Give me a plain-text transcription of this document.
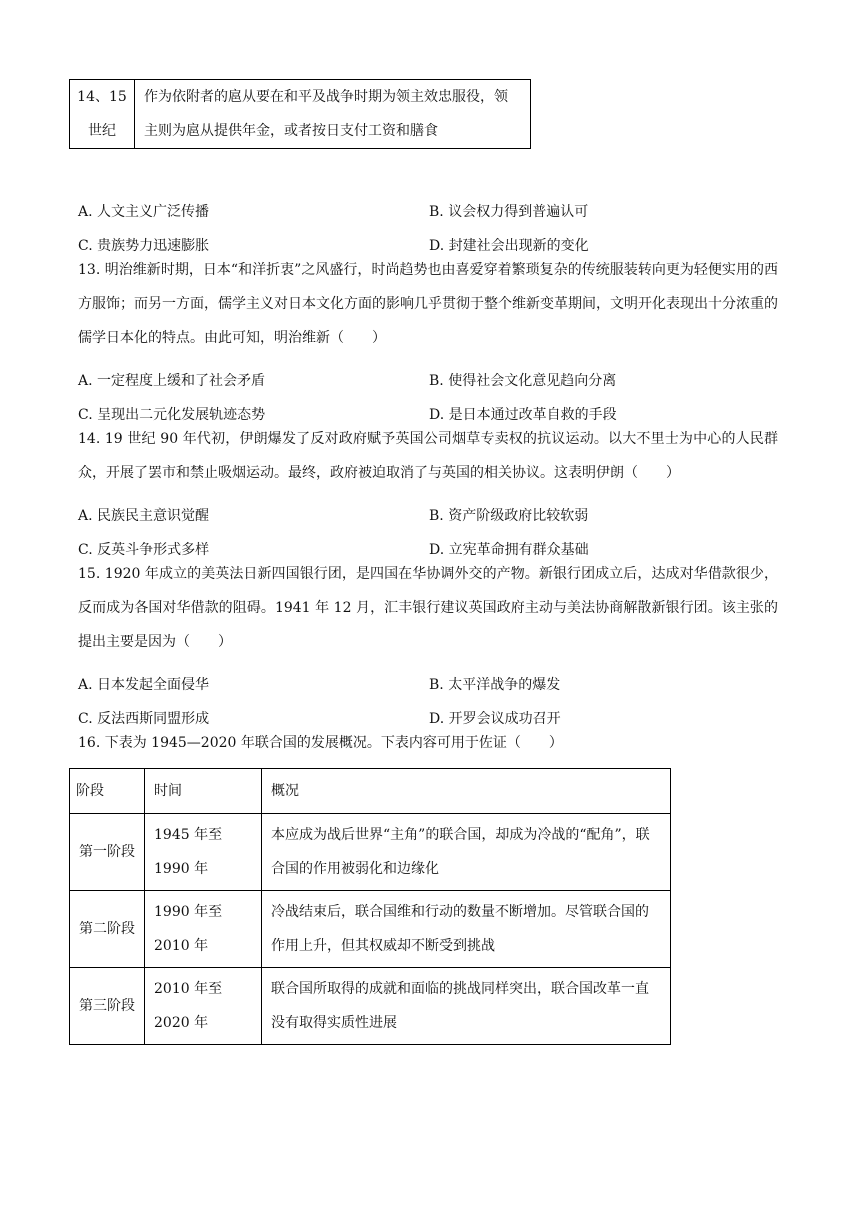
14、15世纪	作为依附者的扈从要在和平及战争时期为领主效忠服役，领主则为扈从提供年金，或者按日支付工资和膳食
A. 人文主义广泛传播	B. 议会权力得到普遍认可
C. 贵族势力迅速膨胀	D. 封建社会出现新的变化
13. 明治维新时期，日本“和洋折衷”之风盛行，时尚趋势也由喜爱穿着繁琐复杂的传统服装转向更为轻便实用的西方服饰；而另一方面，儒学主义对日本文化方面的影响几乎贯彻于整个维新变革期间，文明开化表现出十分浓重的儒学日本化的特点。由此可知，明治维新（　　）
A. 一定程度上缓和了社会矛盾	B. 使得社会文化意见趋向分离
C. 呈现出二元化发展轨迹态势	D. 是日本通过改革自救的手段
14. 19 世纪 90 年代初，伊朗爆发了反对政府赋予英国公司烟草专卖权的抗议运动。以大不里士为中心的人民群众，开展了罢市和禁止吸烟运动。最终，政府被迫取消了与英国的相关协议。这表明伊朗（　　）
A. 民族民主意识觉醒	B. 资产阶级政府比较软弱
C. 反英斗争形式多样	D. 立宪革命拥有群众基础
15. 1920 年成立的美英法日新四国银行团，是四国在华协调外交的产物。新银行团成立后，达成对华借款很少，反而成为各国对华借款的阻碍。1941 年 12 月，汇丰银行建议英国政府主动与美法协商解散新银行团。该主张的提出主要是因为（　　）
A. 日本发起全面侵华	B. 太平洋战争的爆发
C. 反法西斯同盟形成	D. 开罗会议成功召开
16. 下表为 1945—2020 年联合国的发展概况。下表内容可用于佐证（　　）
阶段	时间	概况
第一阶段	1945 年至 1990 年	本应成为战后世界“主角”的联合国，却成为冷战的“配角”，联合国的作用被弱化和边缘化
第二阶段	1990 年至 2010 年	冷战结束后，联合国维和行动的数量不断增加。尽管联合国的作用上升，但其权威却不断受到挑战
第三阶段	2010 年至 2020 年	联合国所取得的成就和面临的挑战同样突出，联合国改革一直没有取得实质性进展
